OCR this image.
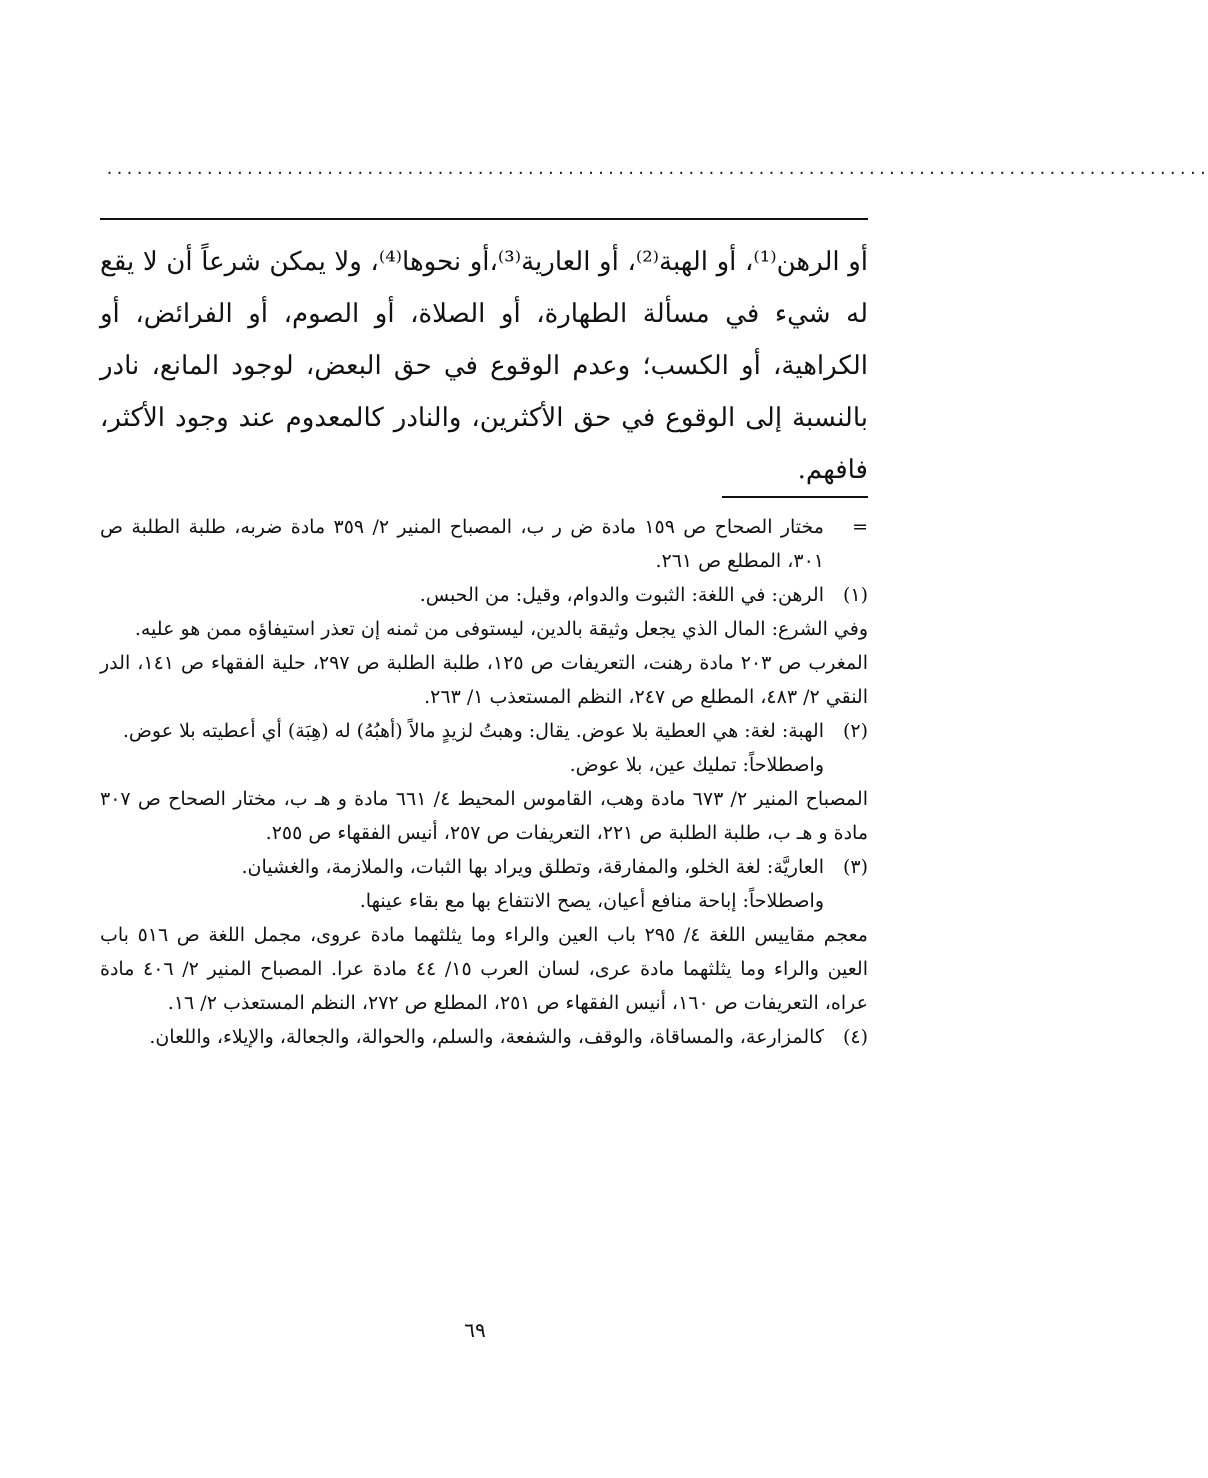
..............................................................................................................

أو الرهن⁽¹⁾، أو الهبة⁽²⁾، أو العارية⁽³⁾،أو نحوها⁽⁴⁾، ولا يمكن شرعاً أن لا يقع له شيء في مسألة الطهارة، أو الصلاة، أو الصوم، أو الفرائض، أو الكراهية، أو الكسب؛ وعدم الوقوع في حق البعض، لوجود المانع، نادر بالنسبة إلى الوقوع في حق الأكثرين، والنادر كالمعدوم عند وجود الأكثر، فافهم.

=

مختار الصحاح ص ١٥٩ مادة ض ر ب، المصباح المنير ٢/ ٣٥٩ مادة ضربه، طلبة الطلبة ص ٣٠١، المطلع ص ٢٦١.

(١)

الرهن: في اللغة: الثبوت والدوام، وقيل: من الحبس.

وفي الشرع: المال الذي يجعل وثيقة بالدين، ليستوفى من ثمنه إن تعذر استيفاؤه ممن هو عليه.

المغرب ص ٢٠٣ مادة رهنت، التعريفات ص ١٢٥، طلبة الطلبة ص ٢٩٧، حلية الفقهاء ص ١٤١، الدر النقي ٢/ ٤٨٣، المطلع ص ٢٤٧، النظم المستعذب ١/ ٢٦٣.

(٢)

الهبة: لغة: هي العطية بلا عوض. يقال: وهبتُ لزيدٍ مالاً (أهبُهُ) له (هِبَة) أي أعطيته بلا عوض.

واصطلاحاً: تمليك عين، بلا عوض.

المصباح المنير ٢/ ٦٧٣ مادة وهب، القاموس المحيط ٤/ ٦٦١ مادة و هـ ب، مختار الصحاح ص ٣٠٧ مادة و هـ ب، طلبة الطلبة ص ٢٢١، التعريفات ص ٢٥٧، أنيس الفقهاء ص ٢٥٥.

(٣)

العاريَّة: لغة الخلو، والمفارقة، وتطلق ويراد بها الثبات، والملازمة، والغشيان.

واصطلاحاً: إباحة منافع أعيان، يصح الانتفاع بها مع بقاء عينها.

معجم مقاييس اللغة ٤/ ٢٩٥ باب العين والراء وما يثلثهما مادة عروى، مجمل اللغة ص ٥١٦ باب العين والراء وما يثلثهما مادة عرى، لسان العرب ١٥/ ٤٤ مادة عرا. المصباح المنير ٢/ ٤٠٦ مادة عراه، التعريفات ص ١٦٠، أنيس الفقهاء ص ٢٥١، المطلع ص ٢٧٢، النظم المستعذب ٢/ ١٦.

(٤)

كالمزارعة، والمساقاة، والوقف، والشفعة، والسلم، والحوالة، والجعالة، والإيلاء، واللعان.

٦٩
